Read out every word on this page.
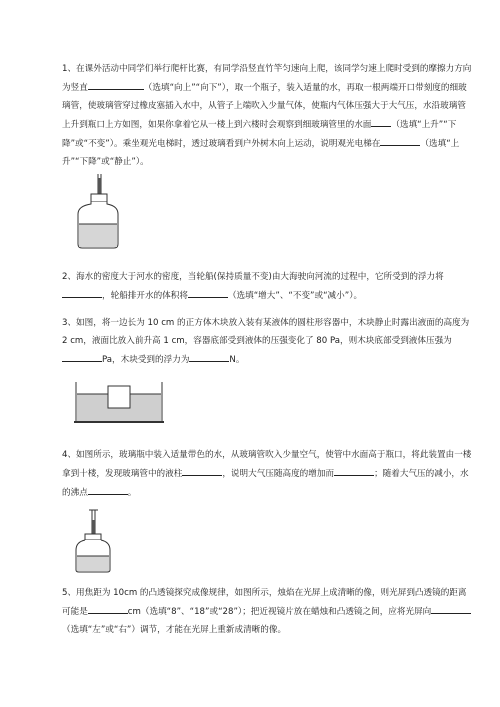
1、在课外活动中同学们举行爬杆比赛，有同学沿竖直竹竿匀速向上爬，该同学匀速上爬时受到的摩擦力方向为竖直	（选填“向上”“向下”），取一个瓶子，装入适量的水，再取一根两端开口带刻度的细玻璃管，使玻璃管穿过橡皮塞插入水中，从管子上端吹入少量气体，使瓶内气体压强大于大气压，水沿玻璃管上升到瓶口上方如图，如果你拿着它从一楼上到六楼时会观察到细玻璃管里的水面 （选填“上升”“下降”或“不变”）。乘坐观光电梯时，透过玻璃看到户外树木向上运动，说明观光电梯在	（选填“上升”“下降”或“静止”）。

2、海水的密度大于河水的密度，当轮船(保持质量不变)由大海驶向河流的过程中，它所受到的浮力将，轮船排开水的体积将	（选填“增大”、“不变”或“减小”）。

3、如图，将一边长为 10 cm 的正方体木块放入装有某液体的圆柱形容器中，木块静止时露出液面的高度为 2 cm，液面比放入前升高 1 cm，容器底部受到液体的压强变化了 80 Pa，则木块底部受到液体压强为Pa，木块受到的浮力为	N。

4、如图所示，玻璃瓶中装入适量带色的水，从玻璃管吹入少量空气，使管中水面高于瓶口，将此装置由一楼拿到十楼，发现玻璃管中的液柱	，说明大气压随高度的增加而	；随着大气压的减小，水的沸点	。

5、用焦距为 10cm 的凸透镜探究成像规律，如图所示，烛焰在光屏上成清晰的像，则光屏到凸透镜的距离可能是	cm（选填“8”、“18”或“28”）；把近视镜片放在蜡烛和凸透镜之间，应将光屏向（选填“左”或“右”）调节，才能在光屏上重新成清晰的像。
